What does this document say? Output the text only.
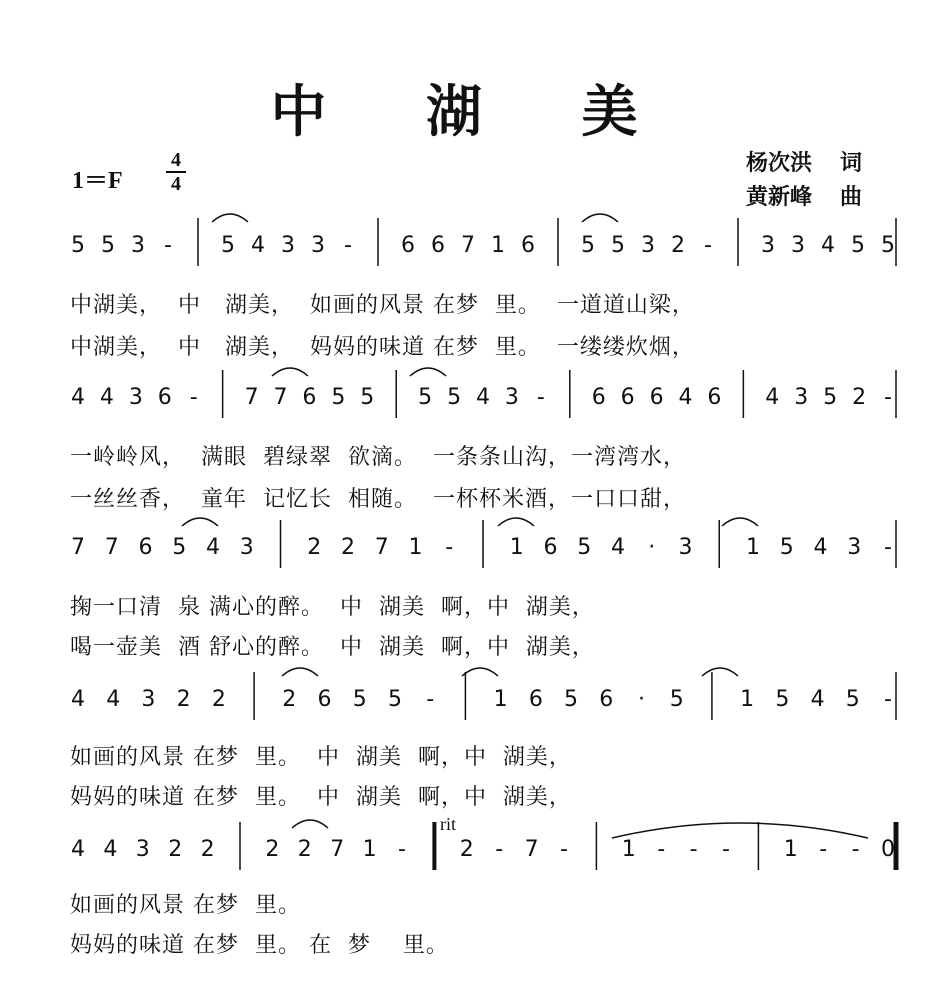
中 湖 美
1＝F
4
4
杨次洪 词
黄新峰 曲
5 5 3 - 5 4 3 3 - 6 6 7 1 6 5 5 3 2 - 3 3 4 5 5
4 4 3 6 - 7 7 6 5 5 5 5 4 3 - 6 6 6 4 6 4 3 5 2 -
7 7 6 5 4 3 2 2 7 1 -	1 6 5 4 · 3 1 5 4 3 -
4 4 3 2 2	2 6 5 5 -	1 6 5 6 · 5	1 5 4 5 -
4 4 3 2 2 2 2 7 1 - 2 - 7 - 1 - - - 1 - - 0
rit
中湖美，  中   湖美，  如画的风景 在梦  里。  一道道山梁，
中湖美，  中   湖美，  妈妈的味道 在梦  里。  一缕缕炊烟，
一岭岭风，  满眼  碧绿翠  欲滴。  一条条山沟，一湾湾水，
一丝丝香，  童年  记忆长  相随。  一杯杯米酒，一口口甜，
掬一口清  泉 满心的醉。  中  湖美  啊，中  湖美，
喝一壶美  酒 舒心的醉。  中  湖美  啊，中  湖美，
如画的风景 在梦  里。  中  湖美  啊，中  湖美，
妈妈的味道 在梦  里。  中  湖美  啊，中  湖美，
如画的风景 在梦  里。
妈妈的味道 在梦  里。 在  梦    里。
